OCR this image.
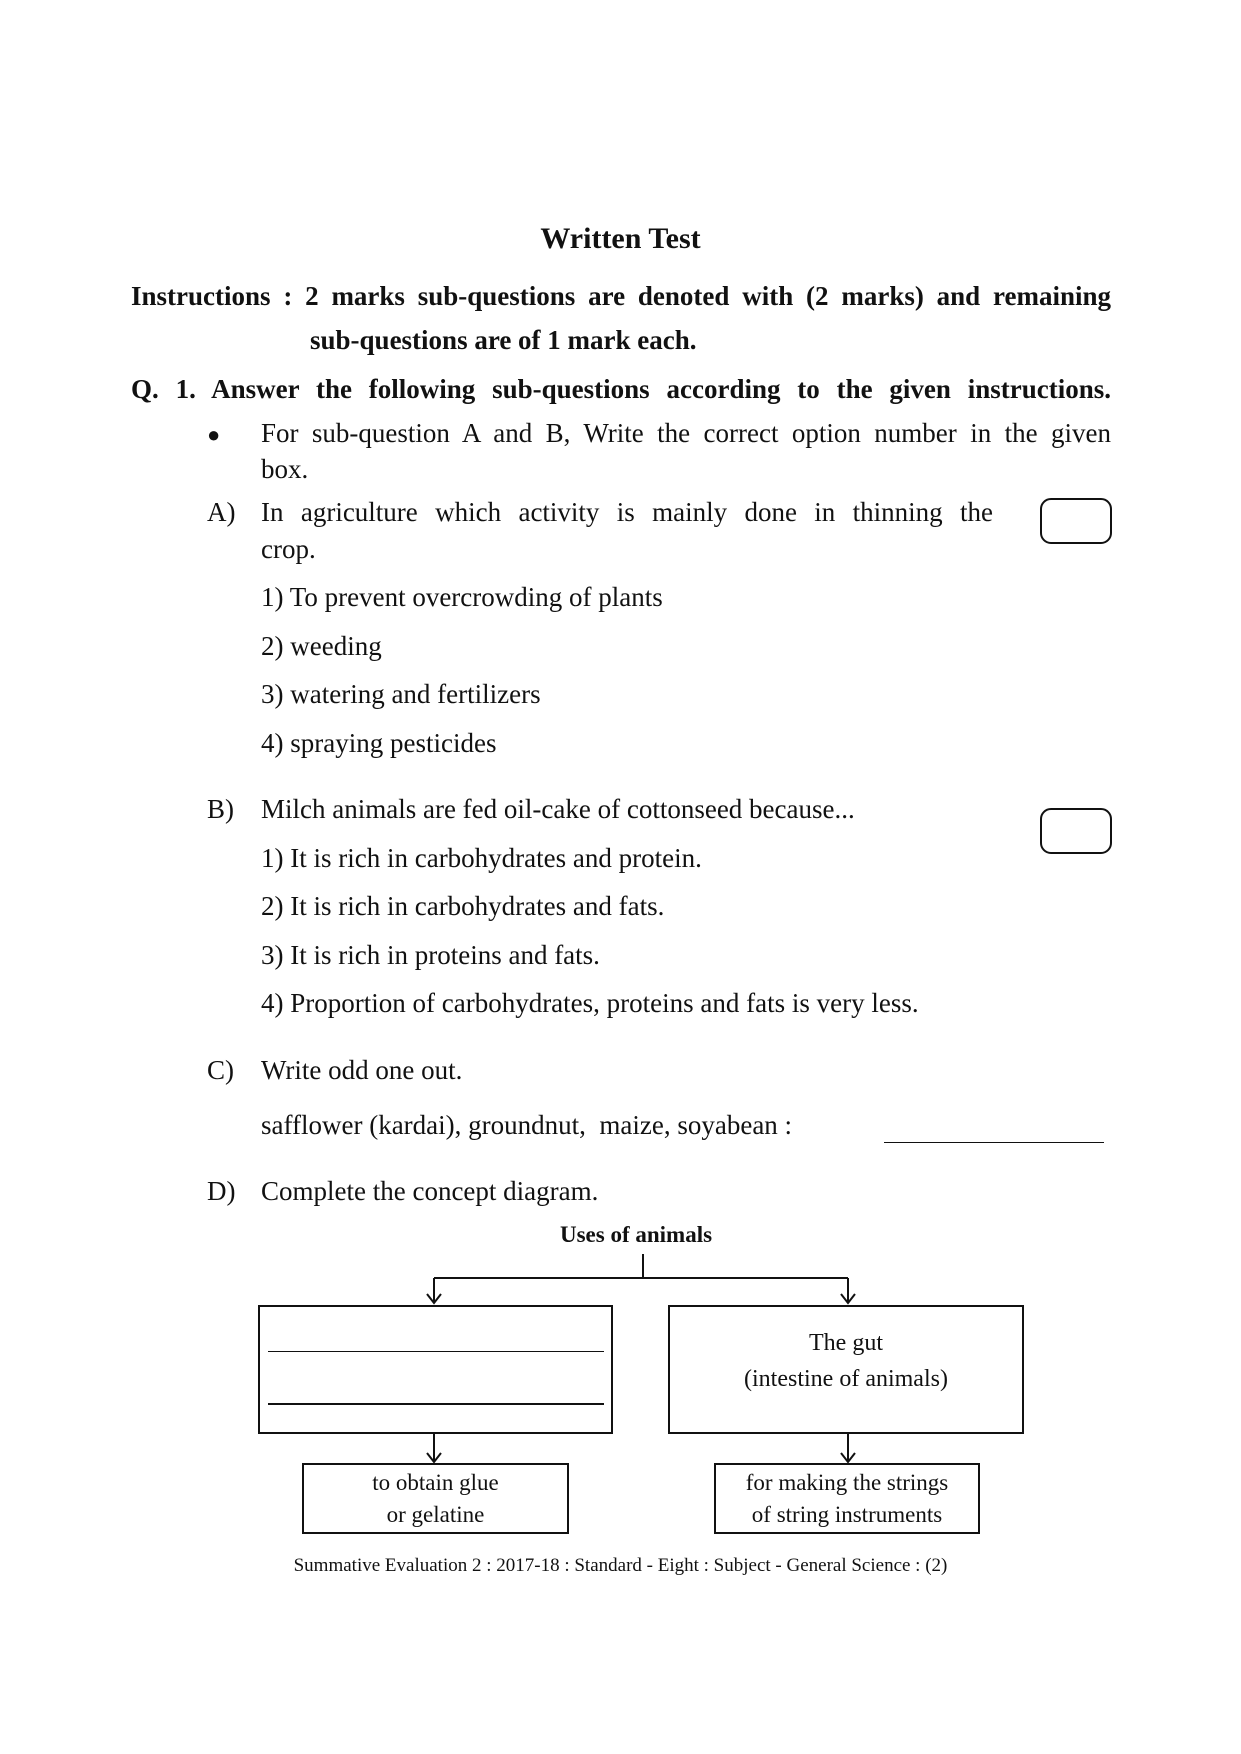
Written Test
Instructions : 2 marks sub-questions are denoted with (2 marks) and remaining
sub-questions are of 1 mark each.
Q. 1. Answer the following sub-questions according to the given instructions.
● For sub-question A and B, Write the correct option number in the given
box.
A) In agriculture which activity is mainly done in thinning the
crop.
1) To prevent overcrowding of plants
2) weeding
3) watering and fertilizers
4) spraying pesticides
B) Milch animals are fed oil-cake of cottonseed because...
1) It is rich in carbohydrates and protein.
2) It is rich in carbohydrates and fats.
3) It is rich in proteins and fats.
4) Proportion of carbohydrates, proteins and fats is very less.
C) Write odd one out.
safflower (kardai), groundnut,  maize, soyabean :
D) Complete the concept diagram.
Uses of animals
The gut
(intestine of animals)
to obtain glue
or gelatine
for making the strings
of string instruments
Summative Evaluation 2 : 2017-18 : Standard - Eight : Subject - General Science : (2)
